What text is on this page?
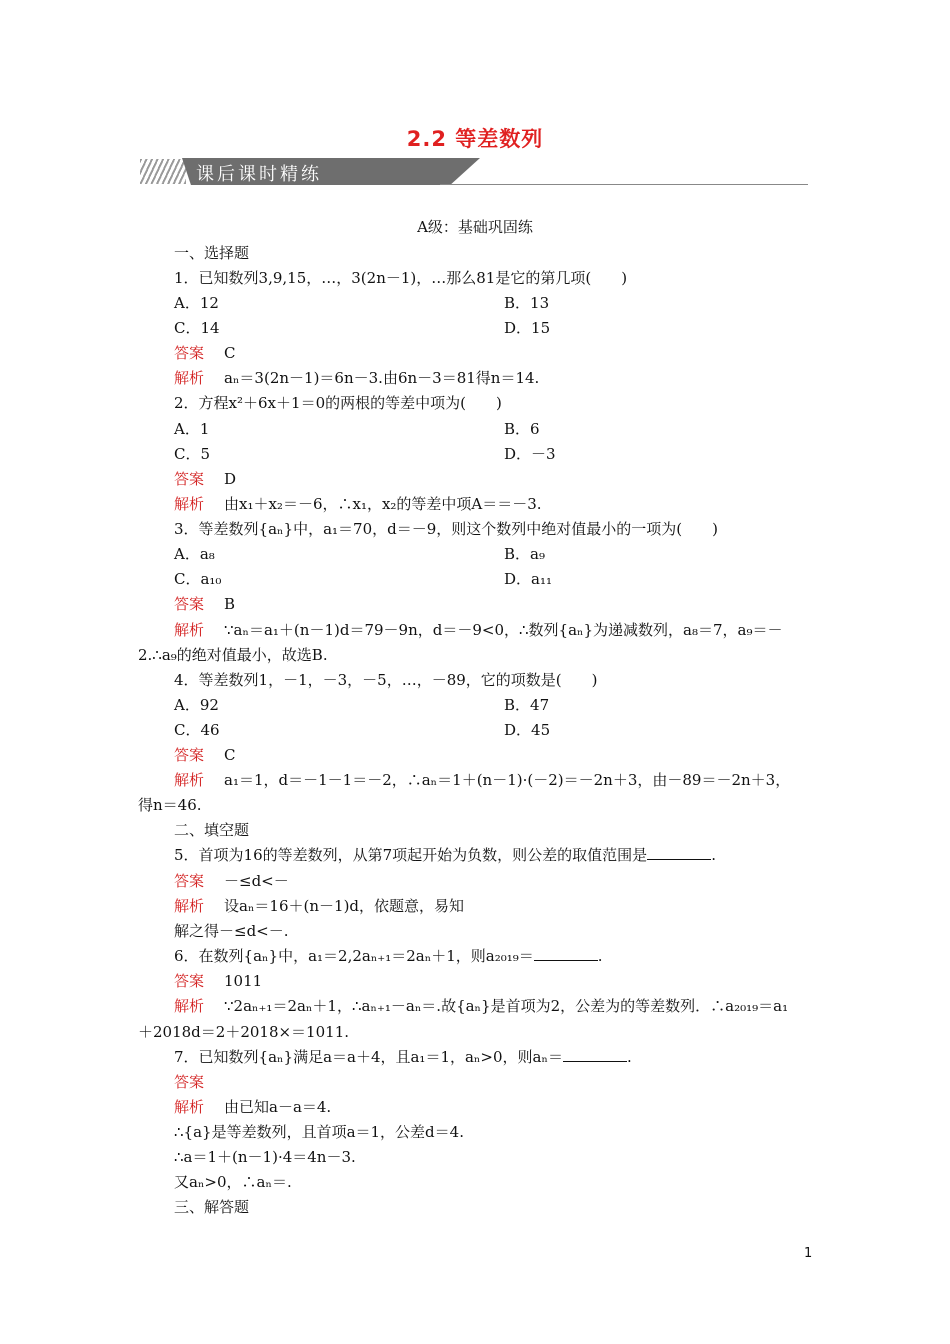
2.2 等差数列
课后课时精练
A级：基础巩固练
一、选择题
1．已知数列3,9,15，…，3(2n－1)，…那么81是它的第几项(　　)
A．12	B．13
C．14	D．15
答案 C
解析 aₙ＝3(2n－1)＝6n－3.由6n－3＝81得n＝14.
2．方程x²＋6x＋1＝0的两根的等差中项为(　　)
A．1	B．6
C．5	D．－3
答案 D
解析 由x₁＋x₂＝－6，∴x₁，x₂的等差中项A＝＝－3.
3．等差数列{aₙ}中，a₁＝70，d＝－9，则这个数列中绝对值最小的一项为(　　)
A．a₈	B．a₉
C．a₁₀	D．a₁₁
答案 B
解析 ∵aₙ＝a₁＋(n－1)d＝79－9n，d＝－9<0，∴数列{aₙ}为递减数列，a₈＝7，a₉＝－
2.∴a₉的绝对值最小，故选B.
4．等差数列1，－1，－3，－5，…，－89，它的项数是(　　)
A．92	B．47
C．46	D．45
答案 C
解析 a₁＝1，d＝－1－1＝－2，∴aₙ＝1＋(n－1)·(－2)＝－2n＋3，由－89＝－2n＋3，
得n＝46.
二、填空题
5．首项为16的等差数列，从第7项起开始为负数，则公差的取值范围是	.
答案 －≤d<－
解析 设aₙ＝16＋(n－1)d，依题意，易知
解之得－≤d<－.
6．在数列{aₙ}中，a₁＝2,2aₙ₊₁＝2aₙ＋1，则a₂₀₁₉＝	.
答案 1011
解析 ∵2aₙ₊₁＝2aₙ＋1，∴aₙ₊₁－aₙ＝.故{aₙ}是首项为2，公差为的等差数列．∴a₂₀₁₉＝a₁
＋2018d＝2＋2018×＝1011.
7．已知数列{aₙ}满足a＝a＋4，且a₁＝1，aₙ>0，则aₙ＝	.
答案
解析 由已知a－a＝4.
∴{a}是等差数列，且首项a＝1，公差d＝4.
∴a＝1＋(n－1)·4＝4n－3.
又aₙ>0，∴aₙ＝.
三、解答题
1
